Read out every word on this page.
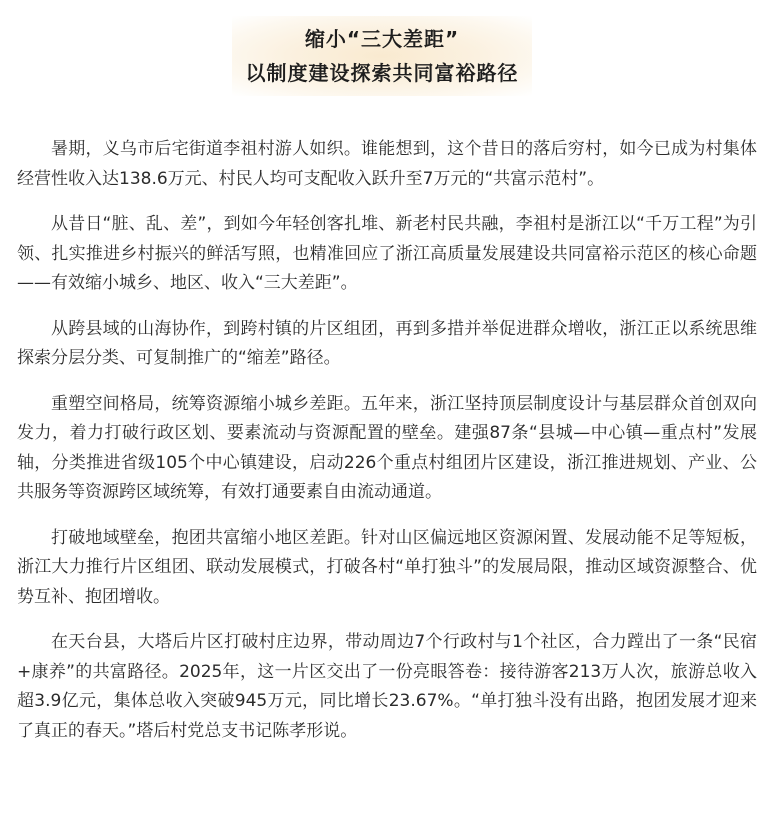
缩小“三大差距”
以制度建设探索共同富裕路径

暑期，义乌市后宅街道李祖村游人如织。谁能想到，这个昔日的落后穷村，如今已成为村集体经营性收入达138.6万元、村民人均可支配收入跃升至7万元的“共富示范村”。

从昔日“脏、乱、差”，到如今年轻创客扎堆、新老村民共融，李祖村是浙江以“千万工程”为引领、扎实推进乡村振兴的鲜活写照，也精准回应了浙江高质量发展建设共同富裕示范区的核心命题——有效缩小城乡、地区、收入“三大差距”。

从跨县域的山海协作，到跨村镇的片区组团，再到多措并举促进群众增收，浙江正以系统思维探索分层分类、可复制推广的“缩差”路径。

重塑空间格局，统筹资源缩小城乡差距。五年来，浙江坚持顶层制度设计与基层群众首创双向发力，着力打破行政区划、要素流动与资源配置的壁垒。建强87条“县城—中心镇—重点村”发展轴，分类推进省级105个中心镇建设，启动226个重点村组团片区建设，浙江推进规划、产业、公共服务等资源跨区域统筹，有效打通要素自由流动通道。

打破地域壁垒，抱团共富缩小地区差距。针对山区偏远地区资源闲置、发展动能不足等短板，浙江大力推行片区组团、联动发展模式，打破各村“单打独斗”的发展局限，推动区域资源整合、优势互补、抱团增收。

在天台县，大塔后片区打破村庄边界，带动周边7个行政村与1个社区，合力蹚出了一条“民宿+康养”的共富路径。2025年，这一片区交出了一份亮眼答卷：接待游客213万人次，旅游总收入超3.9亿元，集体总收入突破945万元，同比增长23.67%。“单打独斗没有出路，抱团发展才迎来了真正的春天。”塔后村党总支书记陈孝形说。
